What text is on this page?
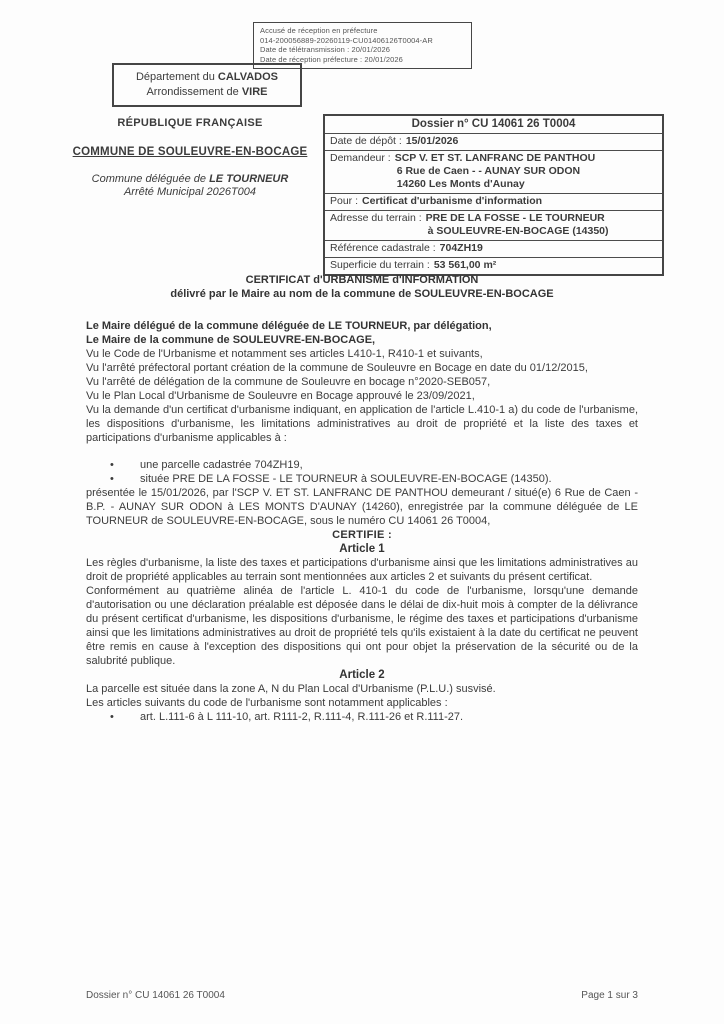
Accusé de réception en préfecture
014-200056889-20260119-CU01406126T0004-AR
Date de télétransmission : 20/01/2026
Date de réception préfecture : 20/01/2026
Département du CALVADOS
Arrondissement de VIRE
RÉPUBLIQUE FRANÇAISE
COMMUNE DE SOULEUVRE-EN-BOCAGE
Commune déléguée de LE TOURNEUR
Arrêté Municipal 2026T004
Dossier n° CU 14061 26 T0004
Date de dépôt : 15/01/2026
Demandeur : SCP V. ET ST. LANFRANC DE PANTHOU
6 Rue de Caen - - AUNAY SUR ODON
14260 Les Monts d'Aunay
Pour : Certificat d'urbanisme d'information
Adresse du terrain : PRE DE LA FOSSE - LE TOURNEUR
à SOULEUVRE-EN-BOCAGE (14350)
Référence cadastrale : 704ZH19
Superficie du terrain : 53 561,00 m²
CERTIFICAT d'URBANISME d'INFORMATION
délivré par le Maire au nom de la commune de SOULEUVRE-EN-BOCAGE

Le Maire délégué de la commune déléguée de LE TOURNEUR, par délégation,

Le Maire de la commune de SOULEUVRE-EN-BOCAGE,

Vu le Code de l'Urbanisme et notamment ses articles L410-1, R410-1 et suivants,

Vu l'arrêté préfectoral portant création de la commune de Souleuvre en Bocage en date du 01/12/2015,

Vu l'arrêté de délégation de la commune de Souleuvre en bocage n°2020-SEB057,

Vu le Plan Local d'Urbanisme de Souleuvre en Bocage approuvé le 23/09/2021,

Vu la demande d'un certificat d'urbanisme indiquant, en application de l'article L.410-1 a) du code de l'urbanisme, les dispositions d'urbanisme, les limitations administratives au droit de propriété et la liste des taxes et participations d'urbanisme applicables à :

• une parcelle cadastrée 704ZH19,
• située PRE DE LA FOSSE - LE TOURNEUR à SOULEUVRE-EN-BOCAGE (14350).

présentée le 15/01/2026, par l'SCP V. ET ST. LANFRANC DE PANTHOU demeurant / situé(e) 6 Rue de Caen - B.P. - AUNAY SUR ODON à LES MONTS D'AUNAY (14260), enregistrée par la commune déléguée de LE TOURNEUR de SOULEUVRE-EN-BOCAGE, sous le numéro CU 14061 26 T0004,

CERTIFIE :

Article 1

Les règles d'urbanisme, la liste des taxes et participations d'urbanisme ainsi que les limitations administratives au droit de propriété applicables au terrain sont mentionnées aux articles 2 et suivants du présent certificat.

Conformément au quatrième alinéa de l'article L. 410-1 du code de l'urbanisme, lorsqu'une demande d'autorisation ou une déclaration préalable est déposée dans le délai de dix-huit mois à compter de la délivrance du présent certificat d'urbanisme, les dispositions d'urbanisme, le régime des taxes et participations d'urbanisme ainsi que les limitations administratives au droit de propriété tels qu'ils existaient à la date du certificat ne peuvent être remis en cause à l'exception des dispositions qui ont pour objet la préservation de la sécurité ou de la salubrité publique.

Article 2

La parcelle est située dans la zone A, N du Plan Local d'Urbanisme (P.L.U.) susvisé.

Les articles suivants du code de l'urbanisme sont notamment applicables :

• art. L.111-6 à L 111-10, art. R111-2, R.111-4, R.111-26 et R.111-27.
Dossier n° CU 14061 26 T0004	Page 1 sur 3
